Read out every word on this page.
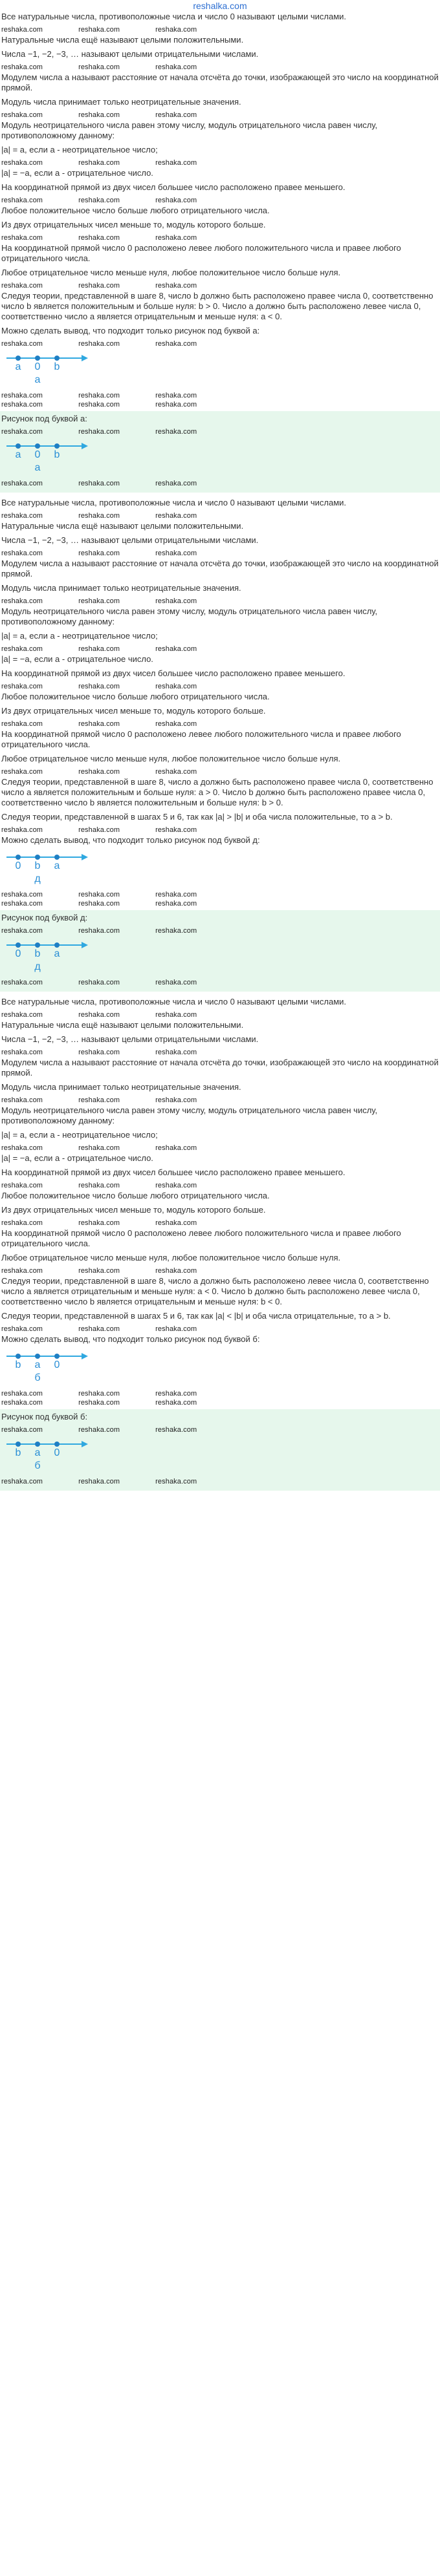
reshalka.com
Все натуральные числа, противоположные числа и число 0 называют целыми числами.
reshaka.com	reshaka.com	reshaka.com
Натуральные числа ещё называют целыми положительными.
Числа −1, −2, −3, … называют целыми отрицательными числами.
reshaka.com	reshaka.com	reshaka.com
Модулем числа a называют расстояние от начала отсчёта до точки, изображающей это число на координатной прямой.
Модуль числа принимает только неотрицательные значения.
reshaka.com	reshaka.com	reshaka.com
Модуль неотрицательного числа равен этому числу, модуль отрицательного числа равен числу, противоположному данному:
|a| = a, если a - неотрицательное число;
reshaka.com	reshaka.com	reshaka.com
|a| = −a, если a - отрицательное число.
На координатной прямой из двух чисел большее число расположено правее меньшего.
reshaka.com	reshaka.com	reshaka.com
Любое положительное число больше любого отрицательного числа.
Из двух отрицательных чисел меньше то, модуль которого больше.
reshaka.com	reshaka.com	reshaka.com
На координатной прямой число 0 расположено левее любого положительного числа и правее любого отрицательного числа.
Любое отрицательное число меньше нуля, любое положительное число больше нуля.
reshaka.com	reshaka.com	reshaka.com
Следуя теории, представленной в шаге 8, число b должно быть расположено правее числа 0, соответственно число b является положительным и больше нуля: b > 0. Число a должно быть расположено левее числа 0, соответственно число a является отрицательным и меньше нуля: a < 0.
Можно сделать вывод, что подходит только рисунок под буквой а:
reshaka.com	reshaka.com	reshaka.com
a 0 b
а
reshaka.com	reshaka.com	reshaka.com
reshaka.com	reshaka.com	reshaka.com
Рисунок под буквой а:
reshaka.com	reshaka.com	reshaka.com
a 0 b
а
reshaka.com	reshaka.com	reshaka.com
Все натуральные числа, противоположные числа и число 0 называют целыми числами.
reshaka.com	reshaka.com	reshaka.com
Натуральные числа ещё называют целыми положительными.
Числа −1, −2, −3, … называют целыми отрицательными числами.
reshaka.com	reshaka.com	reshaka.com
Модулем числа a называют расстояние от начала отсчёта до точки, изображающей это число на координатной прямой.
Модуль числа принимает только неотрицательные значения.
reshaka.com	reshaka.com	reshaka.com
Модуль неотрицательного числа равен этому числу, модуль отрицательного числа равен числу, противоположному данному:
|a| = a, если a - неотрицательное число;
reshaka.com	reshaka.com	reshaka.com
|a| = −a, если a - отрицательное число.
На координатной прямой из двух чисел большее число расположено правее меньшего.
reshaka.com	reshaka.com	reshaka.com
Любое положительное число больше любого отрицательного числа.
Из двух отрицательных чисел меньше то, модуль которого больше.
reshaka.com	reshaka.com	reshaka.com
На координатной прямой число 0 расположено левее любого положительного числа и правее любого отрицательного числа.
Любое отрицательное число меньше нуля, любое положительное число больше нуля.
reshaka.com	reshaka.com	reshaka.com
Следуя теории, представленной в шаге 8, число a должно быть расположено правее числа 0, соответственно число a является положительным и больше нуля: a > 0. Число b должно быть расположено правее числа 0, соответственно число b является положительным и больше нуля: b > 0.
Следуя теории, представленной в шагах 5 и 6, так как |a| > |b| и оба числа положительные, то a > b.
reshaka.com	reshaka.com	reshaka.com
Можно сделать вывод, что подходит только рисунок под буквой д:
0 b a
д
reshaka.com	reshaka.com	reshaka.com
reshaka.com	reshaka.com	reshaka.com
Рисунок под буквой д:
reshaka.com	reshaka.com	reshaka.com
0 b a
д
reshaka.com	reshaka.com	reshaka.com
Все натуральные числа, противоположные числа и число 0 называют целыми числами.
reshaka.com	reshaka.com	reshaka.com
Натуральные числа ещё называют целыми положительными.
Числа −1, −2, −3, … называют целыми отрицательными числами.
reshaka.com	reshaka.com	reshaka.com
Модулем числа a называют расстояние от начала отсчёта до точки, изображающей это число на координатной прямой.
Модуль числа принимает только неотрицательные значения.
reshaka.com	reshaka.com	reshaka.com
Модуль неотрицательного числа равен этому числу, модуль отрицательного числа равен числу, противоположному данному:
|a| = a, если a - неотрицательное число;
reshaka.com	reshaka.com	reshaka.com
|a| = −a, если a - отрицательное число.
На координатной прямой из двух чисел большее число расположено правее меньшего.
reshaka.com	reshaka.com	reshaka.com
Любое положительное число больше любого отрицательного числа.
Из двух отрицательных чисел меньше то, модуль которого больше.
reshaka.com	reshaka.com	reshaka.com
На координатной прямой число 0 расположено левее любого положительного числа и правее любого отрицательного числа.
Любое отрицательное число меньше нуля, любое положительное число больше нуля.
reshaka.com	reshaka.com	reshaka.com
Следуя теории, представленной в шаге 8, число a должно быть расположено левее числа 0, соответственно число a является отрицательным и меньше нуля: a < 0. Число b должно быть расположено левее числа 0, соответственно число b является отрицательным и меньше нуля: b < 0.
Следуя теории, представленной в шагах 5 и 6, так как |a| < |b| и оба числа отрицательные, то a > b.
reshaka.com	reshaka.com	reshaka.com
Можно сделать вывод, что подходит только рисунок под буквой б:
b a 0
б
reshaka.com	reshaka.com	reshaka.com
reshaka.com	reshaka.com	reshaka.com
Рисунок под буквой б:
reshaka.com	reshaka.com	reshaka.com
b a 0
б
reshaka.com	reshaka.com	reshaka.com
